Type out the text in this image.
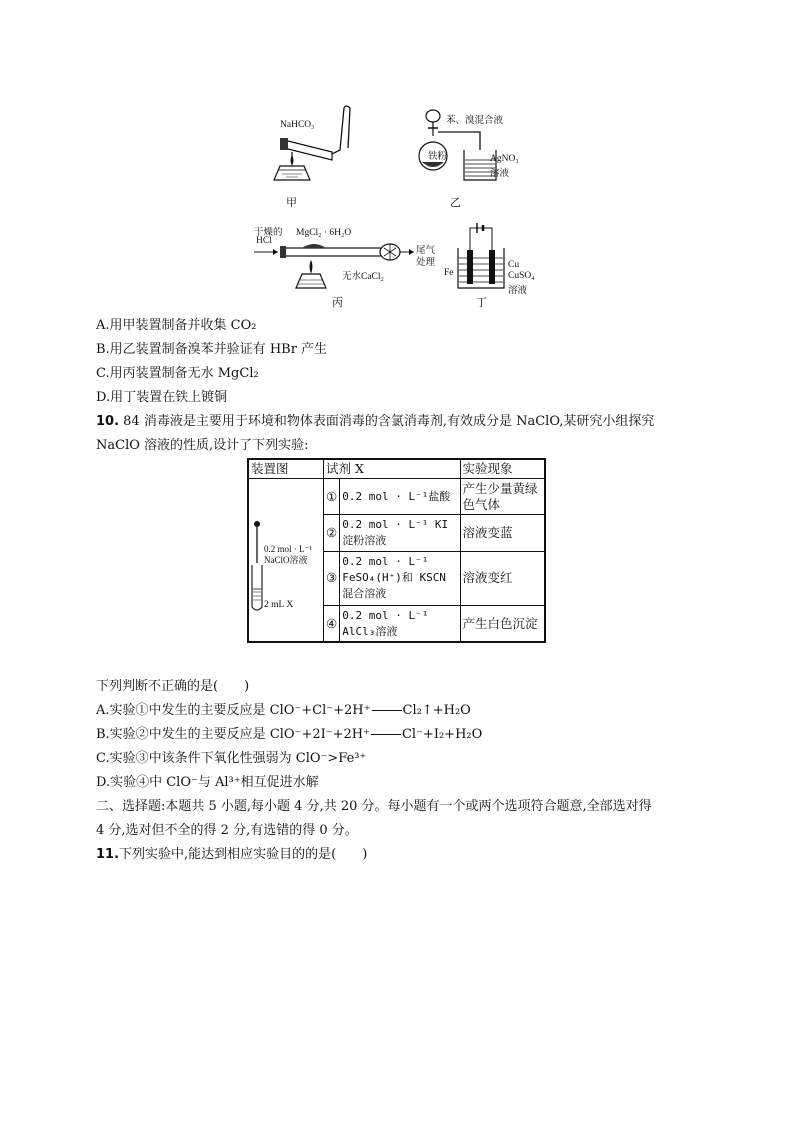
NaHCO₃
甲
苯、溴混合液
铁粉	AgNO₃
溶液
乙
干燥的
HCl
MgCl₂ · 6H₂O
无水CaCl₂
尾气
处理
丙
Fe
Cu
CuSO₄
溶液
丁
A.用甲装置制备并收集 CO₂
B.用乙装置制备溴苯并验证有 HBr 产生
C.用丙装置制备无水 MgCl₂
D.用丁装置在铁上镀铜
10. 84 消毒液是主要用于环境和物体表面消毒的含氯消毒剂,有效成分是 NaClO,某研究小组探究
NaClO 溶液的性质,设计了下列实验:
装置图	试剂 X		实验现象

0.2 mol · L⁻¹
NaClO溶液
2 mL X	①	0.2 mol · L⁻¹盐酸	产生少量黄绿色气体
	②	0.2 mol · L⁻¹ KI 淀粉溶液	溶液变蓝
	③	0.2 mol · L⁻¹ FeSO₄(H⁺)和 KSCN 混合溶液	溶液变红
	④	0.2 mol · L⁻¹ AlCl₃溶液	产生白色沉淀
下列判断不正确的是(　　)
A.实验①中发生的主要反应是 ClO⁻+Cl⁻+2H⁺ Cl₂↑+H₂O
B.实验②中发生的主要反应是 ClO⁻+2I⁻+2H⁺ Cl⁻+I₂+H₂O
C.实验③中该条件下氧化性强弱为 ClO⁻>Fe³⁺
D.实验④中 ClO⁻与 Al³⁺相互促进水解
二、选择题:本题共 5 小题,每小题 4 分,共 20 分。每小题有一个或两个选项符合题意,全部选对得
4 分,选对但不全的得 2 分,有选错的得 0 分。
11.下列实验中,能达到相应实验目的的是(　　)
